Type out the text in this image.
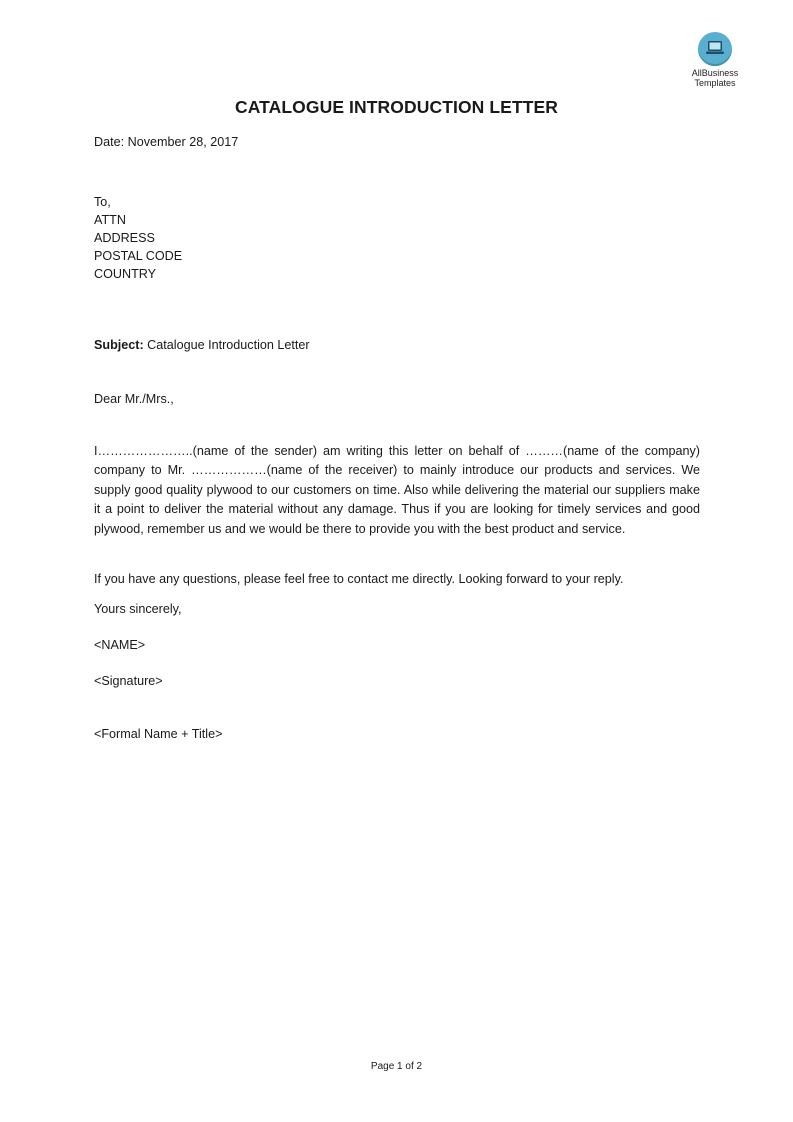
AllBusiness

Templates

CATALOGUE INTRODUCTION LETTER
Date: November 28, 2017
To,
ATTN
ADDRESS
POSTAL CODE
COUNTRY
Subject: Catalogue Introduction Letter
Dear Mr./Mrs.,
I…………………..(name of the sender) am writing this letter on behalf of ………(name of the company) company to Mr. ………………(name of the receiver) to mainly introduce our products and services. We supply good quality plywood to our customers on time. Also while delivering the material our suppliers make it a point to deliver the material without any damage. Thus if you are looking for timely services and good plywood, remember us and we would be there to provide you with the best product and service.
If you have any questions, please feel free to contact me directly. Looking forward to your reply.
Yours sincerely,
<NAME>
<Signature>
<Formal Name + Title>
Page 1 of 2
